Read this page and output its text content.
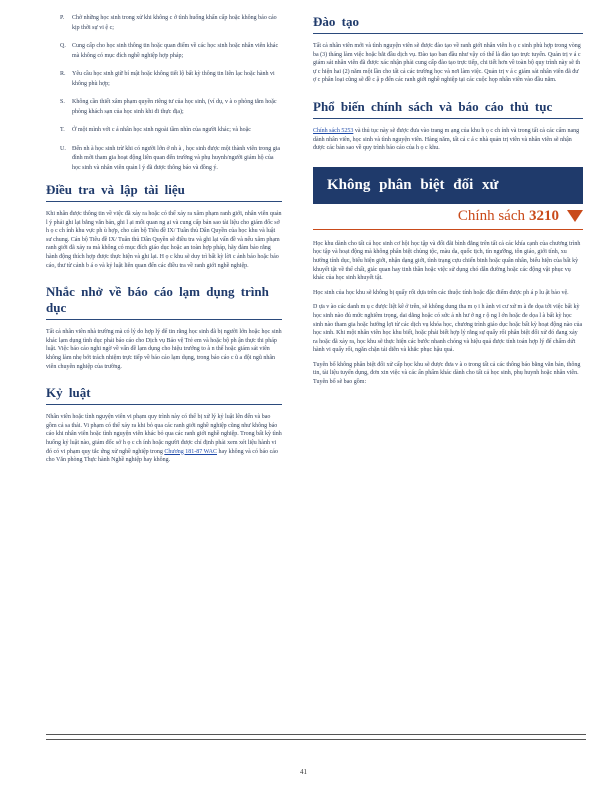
P. Chờ những học sinh trong xử khi không c ở tình huống khẩn cấp hoặc không báo cáo kịp thời sự vi ệ c;

Q. Cung cấp cho học sinh thông tin hoặc quan điểm về các học sinh hoặc nhân viên khác mà không có mục đích nghề nghiệp hợp pháp;

R. Yêu cầu học sinh giữ bí mật hoặc không tiết lộ bất kỳ thông tin liên lạc hoặc hành vi không phù hợp;

S. Không cần thiết xâm phạm quyền riêng tư của học sinh, (ví dụ, v à o phòng tắm hoặc phòng khách sạn của học sinh khi đi thực địa);

T. Ở một mình với c á nhân học sinh ngoài tầm nhìn của người khác; và hoặc

U. Đến nh à học sinh trừ khi có người lớn ở nh à , học sinh được một thành viên trong gia đình mời tham gia hoạt động liên quan đến trường và phụ huynh/người giám hộ của học sinh và nhân viên quản l ý đã được thông báo và đồng ý.

Điều tra và lập tài liệu

Khi nhân được thông tin về việc đã xảy ra hoặc có thể xảy ra xâm phạm ranh giới, nhân viên quản l ý phải ghi lại bằng văn bản, ghi l ại mối quan ng ại và cung cấp bản sao tài liệu cho giám đốc sở h ọ c ch ính khu vực ph ù hợp, cho cán bộ Tiêu đề IX/ Tuân thủ Dân Quyền của học khu và luật sư chung. Cán bộ Tiêu đề IX/ Tuân thủ Dân Quyền sẽ điều tra và ghi lại vấn đề và nếu xâm phạm ranh giới đã xảy ra mà không có mục đích giáo dục hoặc an toàn hợp pháp, hãy đảm bảo rằng hành động thích hợp được thực hiện và ghi lại. H ọ c khu sẽ duy trì bất kỳ lời c ảnh báo hoặc báo cáo, thư từ cảnh b á o và kỷ luật liên quan đến các điều tra về ranh giới nghề nghiệp.

Nhắc nhở về báo cáo lạm dụng trình dục

Tất cả nhân viên nhà trường mà có lý do hợp lý để tin rằng học sinh đã bị người lớn hoặc học sinh khác lạm dụng tình dục phải báo cáo cho Dịch vụ Bảo vệ Trẻ em và hoặc bộ ph ận thực thi pháp luật. Việc báo cáo nghi ngờ về vấn đề lạm dụng cho hiệu trưởng to à n thể hoặc giám sát viên không làm nhẹ bớt trách nhiệm trực tiếp về báo cáo lạm dụng, trong báo cáo c ũ a đội ngũ nhân viên chuyên nghiệp của trường.

Kỷ luật

Nhân viên hoặc tình nguyện viên vi phạm quy trình này có thể bị xử lý kỷ luật lên đến và bao gồm cả sa thải. Vi phạm có thể xảy ra khi bỏ qua các ranh giới nghề nghiệp cũng như không báo cáo khi nhân viên hoặc tình nguyện viên khác bỏ qua các ranh giới nghề nghiệp. Trong bất kỳ tình huống kỷ luật nào, giám đốc sở h ọ c ch ính hoặc người được chỉ định phải xem xét liệu hành vi đó có vi phạm quy tắc ứng xử nghề nghiệp trong Chương 181-87 WAC hay không và có báo cáo cho Văn phòng Thực hành Nghề nghiệp hay không.

Đào tạo

Tất cả nhân viên mới và tình nguyện viên sẽ được đào tạo về ranh giới nhân viên h ọ c sinh phù hợp trong vòng ba (3) tháng làm việc hoặc bắt đầu dịch vụ. Đào tạo ban đầu như vậy có thể là đào tạo trực tuyến. Quản trị v á c giám sát nhân viên đã được xác nhận phải cung cấp đào tạo trực tiếp, chi tiết hơn về toàn bộ quy trình này sẽ th ự c hiện hai (2) năm một lần cho tất cả các trường học và nơi làm việc. Quản trị v á c giám sát nhân viên đã đư ợ c phân loại cũng sẽ đề c ậ p đến các ranh giới nghề nghiệp tại các cuộc họp nhân viên vào đầu năm.

Phổ biến chính sách và báo cáo thủ tục

Chính sách 5253 và thủ tục này sẽ được đưa vào trang m ạng của khu h ọ c ch ính và trong tất cả các cẩm nang dành nhân viên, học sinh và tình nguyện viên. Hàng năm, tất cả c á c nhà quản trị viên và nhân viên sẽ nhận được các bản sao về quy trình báo cáo của h ọ c khu.

Không phân biệt đối xử
Chính sách 3210

Học khu dành cho tất cả học sinh cơ hội học tập và đối đãi bình đẳng trên tất cả các khía cạnh của chương trình học tập và hoạt động mà không phân biệt chủng tộc, màu da, quốc tịch, tín ngưỡng, tôn giáo, giới tính, xu hướng tính dục, biểu hiện giới, nhận dạng giới, tình trạng cựu chiến binh hoặc quân nhân, biểu hiện của bất kỳ khuyết tật về thể chất, giác quan hay tinh thần hoặc việc sử dụng chó dẫn đường hoặc các động vật phục vụ khác của học sinh khuyết tật.

Học sinh của học khu sẽ không bị quấy rối dựa trên các thuộc tính hoặc đặc điểm được ph á p lu ật bảo vệ.

D ựa v ào các danh m ụ c được liệt kê ở trên, sẽ không dung tha m ọ i h ành vi cư xử m à đe dọa tới việc bất kỳ học sinh nào đủ mức nghiêm trọng, dai dẳng hoặc có sức ả nh hư ở ng r ộ ng l ớn hoặc đe dọa l à bất kỳ học sinh nào tham gia hoặc hưởng lợi từ các dịch vụ khóa học, chương trình giáo dục hoặc bất kỳ hoạt động nào của học sinh. Khi một nhân viên học khu biết, hoặc phải biết hợp lý rằng sự quấy rối phân biệt đối xử đó đang xảy ra hoặc đã xảy ra, học khu sẽ thực hiện các bước nhanh chóng và hiệu quả được tính toán hợp lý để chấm dứt hành vi quấy rối, ngăn chặn tái diễn và khắc phục hậu quả.

Tuyên bố không phân biệt đối xử cấp học khu sẽ được đưa v à o trong tất cả các thông báo bằng văn bản, thông tin, tài liệu tuyển dụng, đơn xin việc và các ấn phẩm khác dành cho tất cả học sinh, phụ huynh hoặc nhân viên. Tuyên bố sẽ bao gồm:

41
